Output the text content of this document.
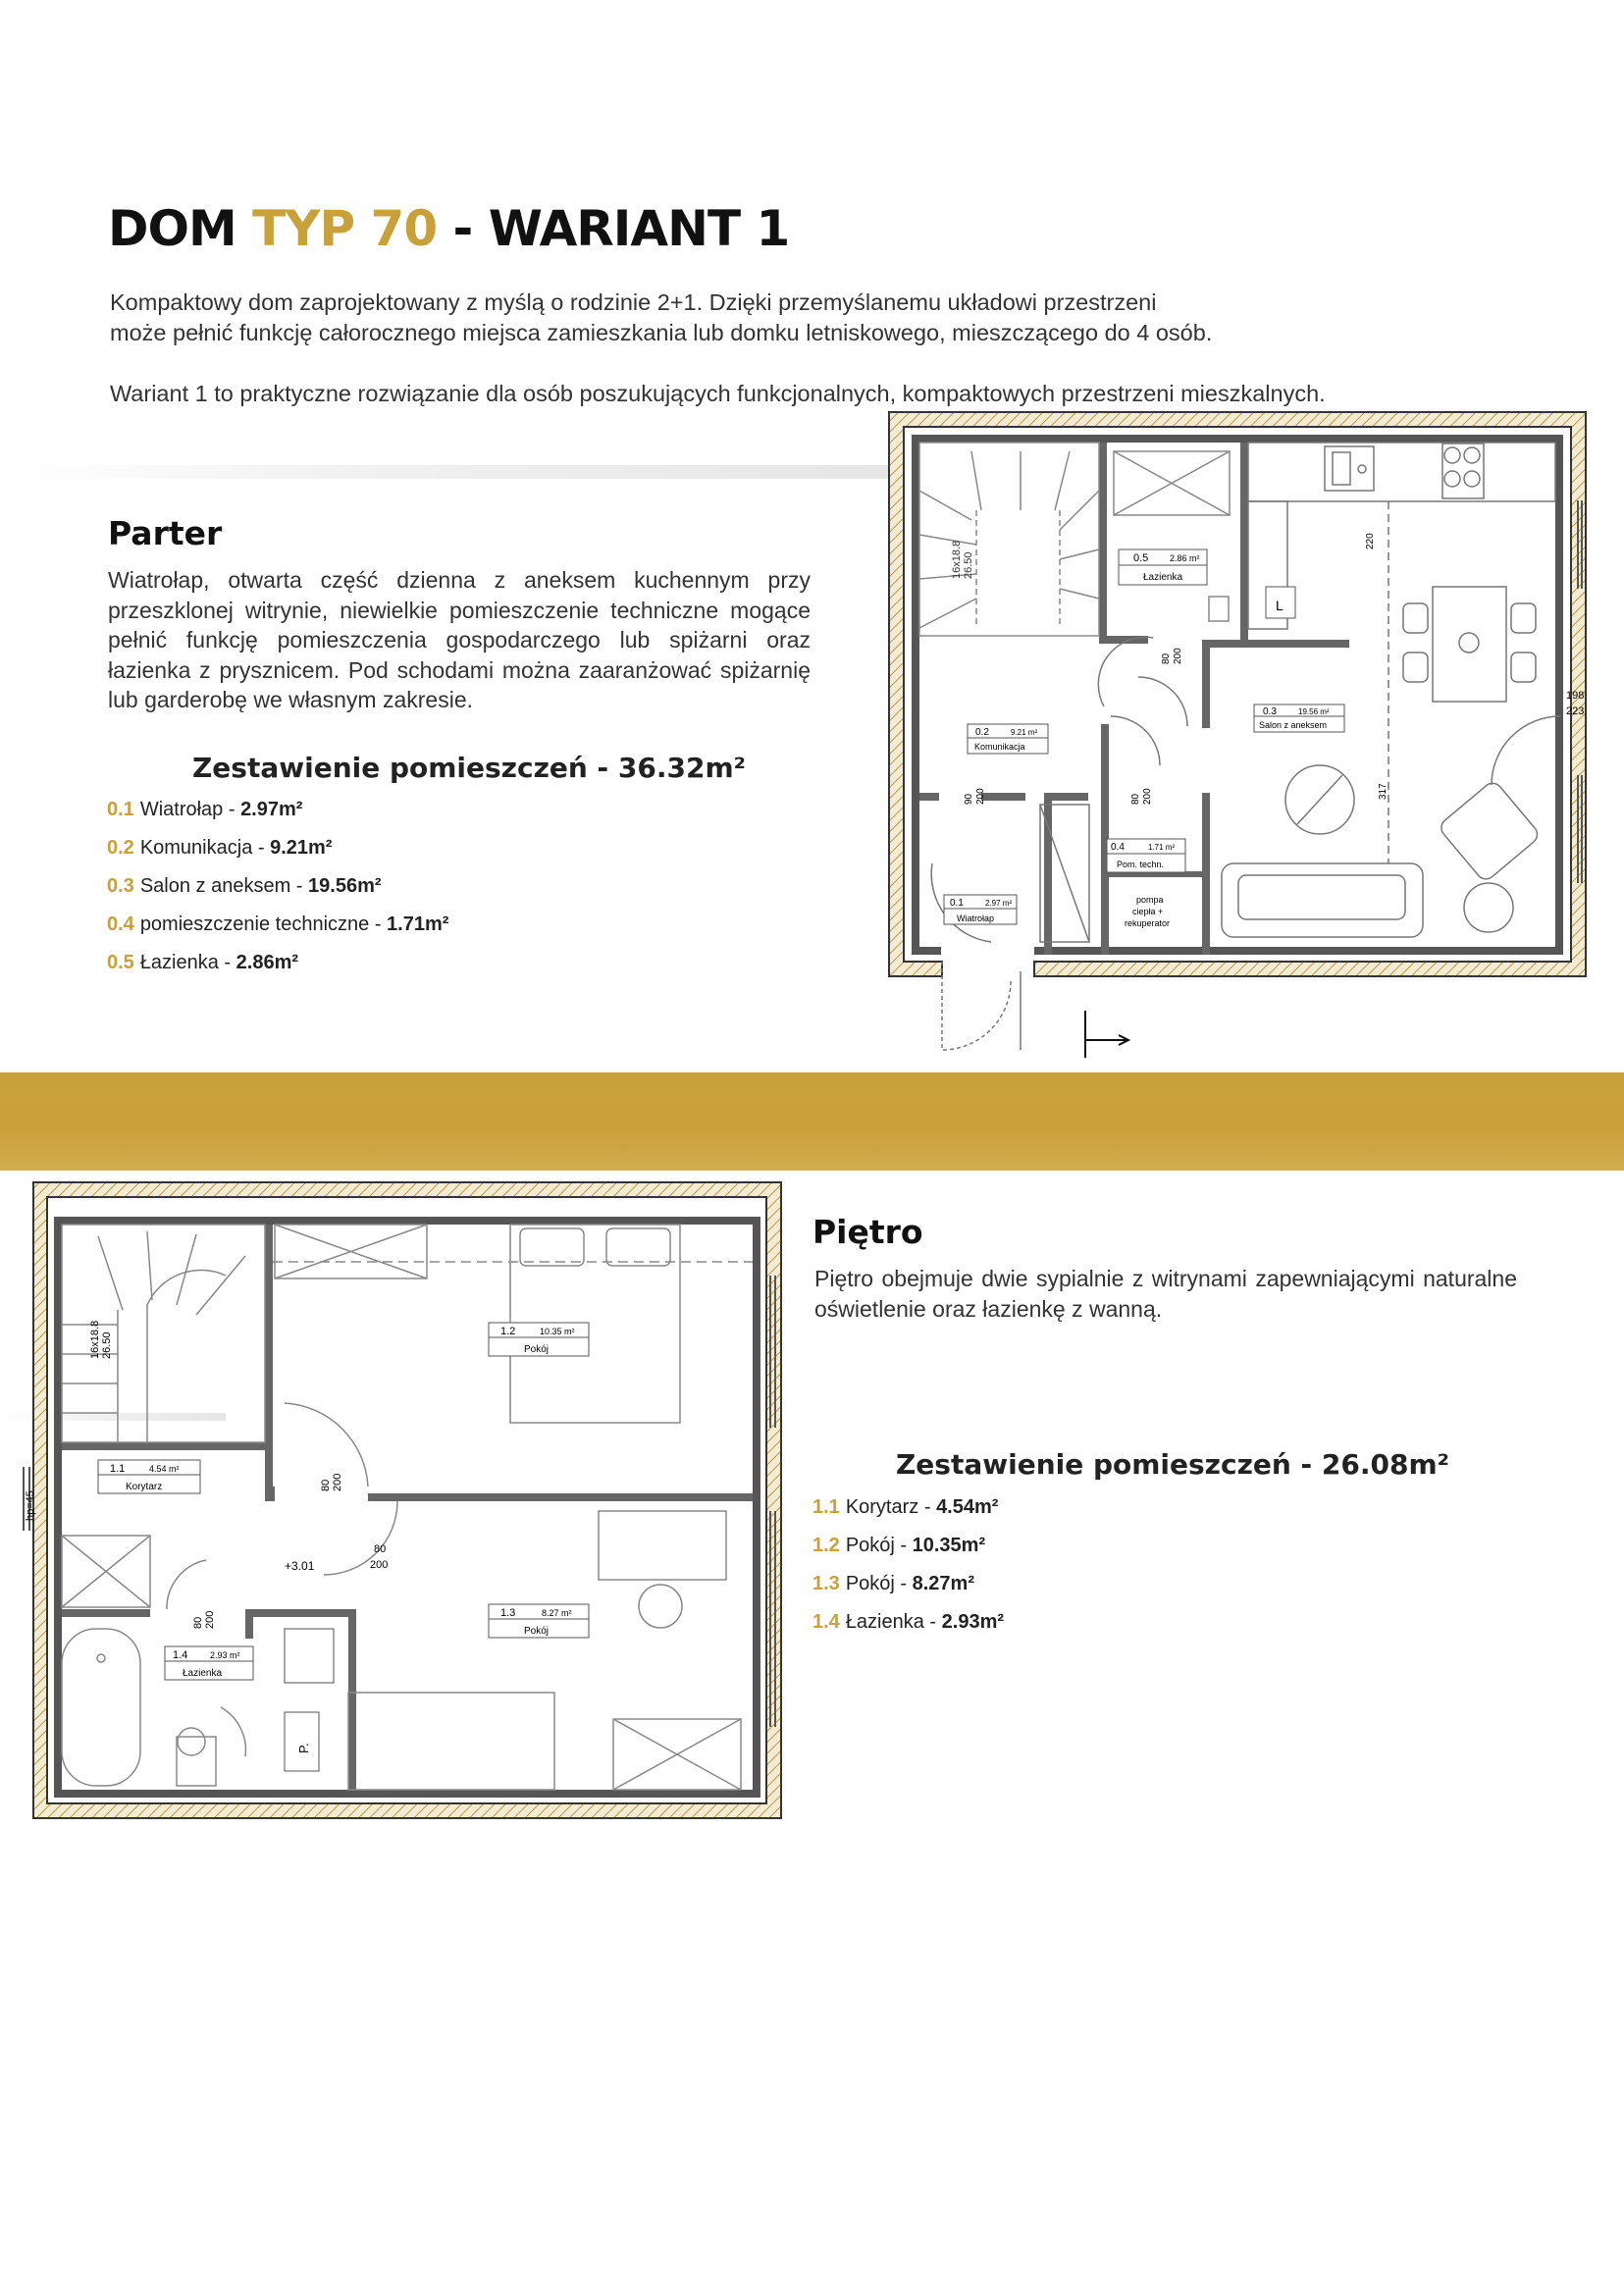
DOM TYP 70 - WARIANT 1
Kompaktowy dom zaprojektowany z myślą o rodzinie 2+1. Dzięki przemyślanemu układowi przestrzeni
może pełnić funkcję całorocznego miejsca zamieszkania lub domku letniskowego, mieszczącego do 4 osób.
Wariant 1 to praktyczne rozwiązanie dla osób poszukujących funkcjonalnych, kompaktowych przestrzeni mieszkalnych.
Parter
Wiatrołap, otwarta część dzienna z aneksem kuchennym przy przeszklonej witrynie, niewielkie pomieszczenie techniczne mogące pełnić funkcję pomieszczenia gospodarczego lub spiżarni oraz łazienka z prysznicem. Pod schodami można zaaranżować spiżarnię lub garderobę we własnym zakresie.
Zestawienie pomieszczeń - 36.32m²
0.1 Wiatrołap - 2.97m²
0.2 Komunikacja - 9.21m²
0.3 Salon z aneksem - 19.56m²
0.4 pomieszczenie techniczne - 1.71m²
0.5 Łazienka - 2.86m²
16x18.8 26.50	0.5 2.86 m²
Łazienka
L
220
317
198
223
0.3	19.56 m²
Salon z aneksem
0.2	9.21 m²
Komunikacja
80 200
80 200
90 200
0.4	1.71 m²
Pom. techn.
pompa
ciepła +
rekuperator
0.1	2.97 m²
Wiatrołap
hp=45
16x18.8 26.50
1.2	10.35 m²
Pokój
1.1	4.54 m²
Korytarz
+3.01
80 200
80
200
80 200	1.3	8.27 m²
Pokój
1.4	2.93 m²
Łazienka
P.
Piętro
Piętro obejmuje dwie sypialnie z witrynami zapewniającymi naturalne oświetlenie oraz łazienkę z wanną.
Zestawienie pomieszczeń - 26.08m²
1.1 Korytarz - 4.54m²
1.2 Pokój - 10.35m²
1.3 Pokój - 8.27m²
1.4 Łazienka - 2.93m²
